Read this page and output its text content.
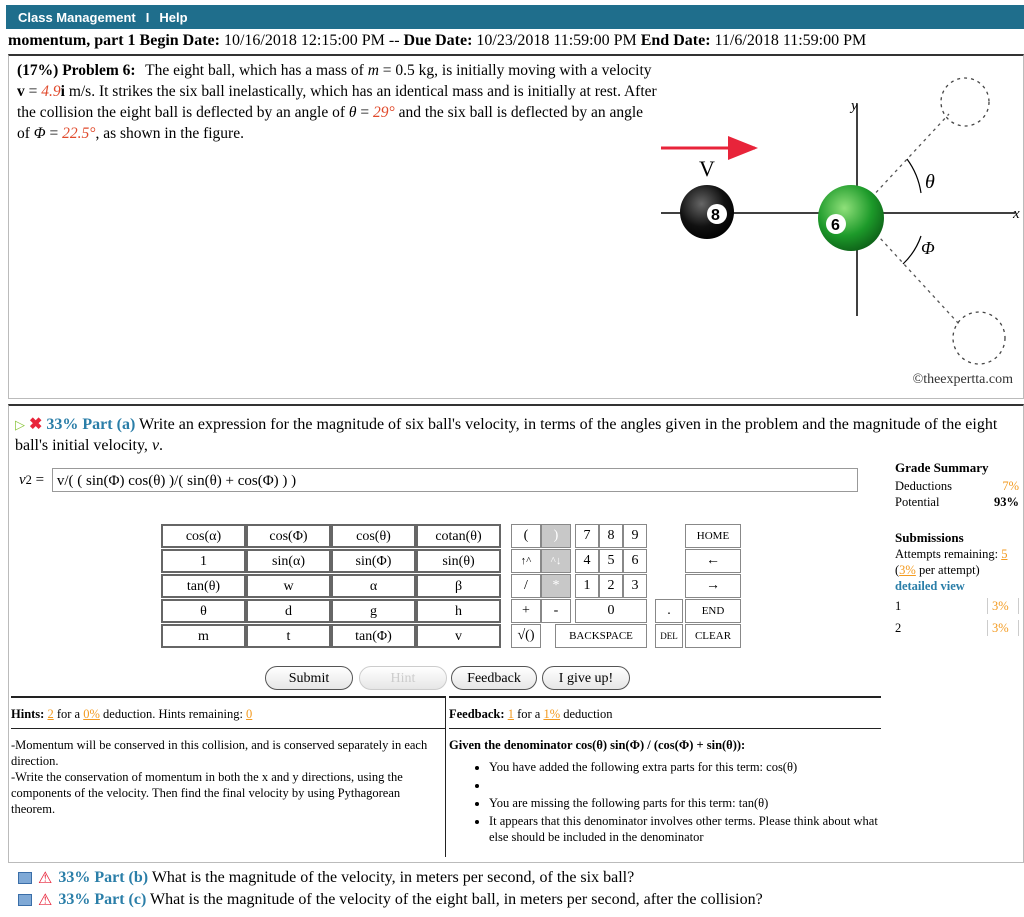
Class Management I Help
momentum, part 1 Begin Date: 10/16/2018 12:15:00 PM -- Due Date: 10/23/2018 11:59:00 PM End Date: 11/6/2018 11:59:00 PM
(17%) Problem 6: The eight ball, which has a mass of m = 0.5 kg, is initially moving with a velocity v = 4.9i m/s. It strikes the six ball inelastically, which has an identical mass and is initially at rest. After the collision the eight ball is deflected by an angle of θ = 29° and the six ball is deflected by an angle of Φ = 22.5°, as shown in the figure.
V
y
x
θ
Φ
8
6
©theexpertta.com
▷ ✖ 33% Part (a) Write an expression for the magnitude of six ball's velocity, in terms of the angles given in the problem and the magnitude of the eight ball's initial velocity, v.
v 2 = v/( ( sin(Φ) cos(θ) )/( sin(θ) + cos(Φ) ) )
Grade Summary
Deductions	7%
Potential	93%
Submissions
Attempts remaining: 5
(3% per attempt)
detailed view
1	3%
2	3%
cos(α)	cos(Φ)	cos(θ)	cotan(θ)
1	sin(α)	sin(Φ)	sin(θ)
tan(θ)	w	α	β
θ	d	g	h
m	t	tan(Φ)	v
(	)
↑^	^↓
/	*
+	-
√()
7	8	9
4	5	6
1	2	3
0	.
HOME
←
→
END
BACKSPACE	DEL	CLEAR
Submit	Hint	Feedback	I give up!
Hints: 2 for a 0% deduction. Hints remaining: 0
-Momentum will be conserved in this collision, and is conserved separately in each direction.
-Write the conservation of momentum in both the x and y directions, using the components of the velocity. Then find the final velocity by using Pythagorean theorem.
Feedback: 1 for a 1% deduction
Given the denominator cos(θ) sin(Φ) / (cos(Φ) + sin(θ)):
• You have added the following extra parts for this term: cos(θ)
•
• You are missing the following parts for this term: tan(θ)
• It appears that this denominator involves other terms. Please think about what else should be included in the denominator
⚠ 33% Part (b) What is the magnitude of the velocity, in meters per second, of the six ball?
⚠ 33% Part (c) What is the magnitude of the velocity of the eight ball, in meters per second, after the collision?
